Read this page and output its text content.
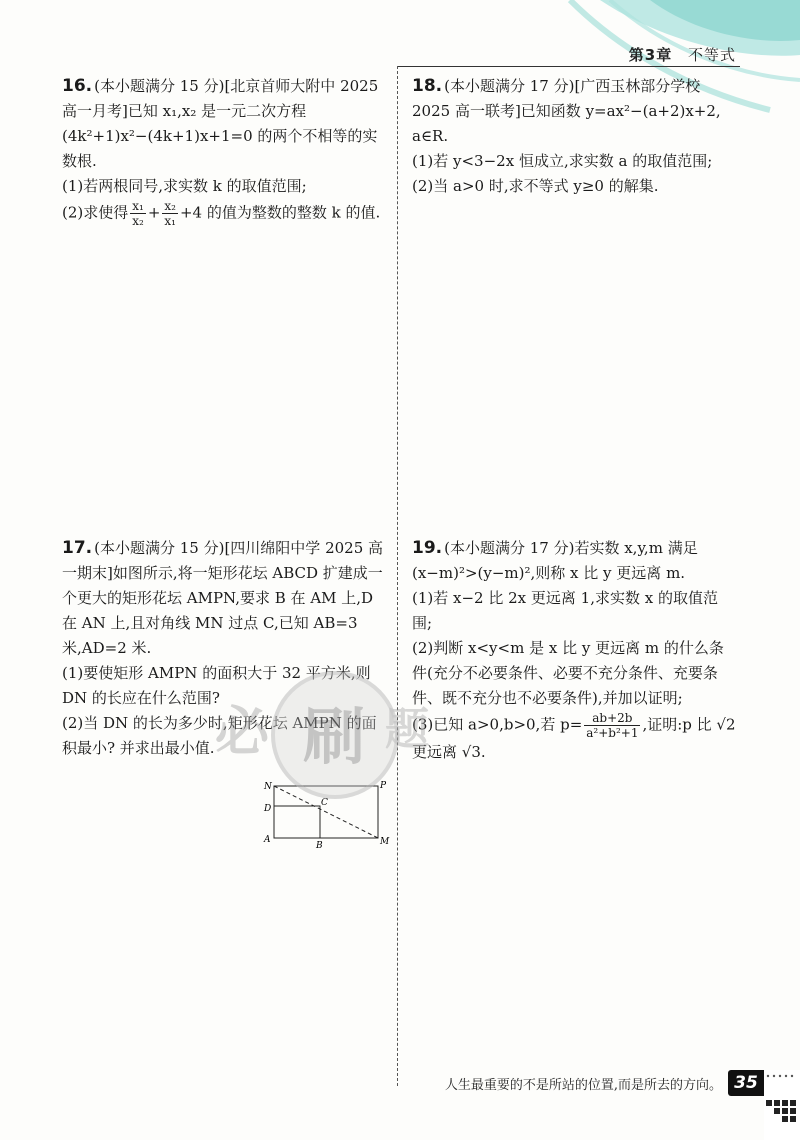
第3章 不等式

16. (本小题满分 15 分)[北京首师大附中 2025 高一月考]已知 x₁,x₂ 是一元二次方程(4k²+1)x²−(4k+1)x+1=0 的两个不相等的实数根.

(1)若两根同号,求实数 k 的取值范围;

(2)求使得 $\frac{\text{x₁}}{\text{x₂}} + \frac{\text{x₂}}{\text{x₁}} +4$ 的值为整数的整数 k 的值.

18. (本小题满分 17 分)[广西玉林部分学校 2025 高一联考]已知函数 y=ax²−(a+2)x+2, a∈R.

(1)若 y<3−2x 恒成立,求实数 a 的取值范围;

(2)当 a>0 时,求不等式 y≥0 的解集.

17. (本小题满分 15 分)[四川绵阳中学 2025 高一期末]如图所示,将一矩形花坛 ABCD 扩建成一个更大的矩形花坛 AMPN,要求 B 在 AM 上,D 在 AN 上,且对角线 MN 过点 C,已知 AB=3 米,AD=2 米.

(1)要使矩形 AMPN 的面积大于 32 平方米,则 DN 的长应在什么范围?

(2)当 DN 的长为多少时,矩形花坛 AMPN 的面积最小? 并求出最小值.

N	P
C
D
A
B	M

19. (本小题满分 17 分)若实数 x,y,m 满足(x−m)²>(y−m)²,则称 x 比 y 更远离 m.

(1)若 x−2 比 2x 更远离 1,求实数 x 的取值范围;

(2)判断 x<y<m 是 x 比 y 更远离 m 的什么条件(充分不必要条件、必要不充分条件、充要条件、既不充分也不必要条件),并加以证明;

(3)已知 a>0,b>0,若 $p= \frac{ab+2b}{\text{a²+b²+1}}$ ,证明:p 比 √2 更远离 √3.

必 刷 题
人生最重要的不是所站的位置,而是所去的方向。 35
